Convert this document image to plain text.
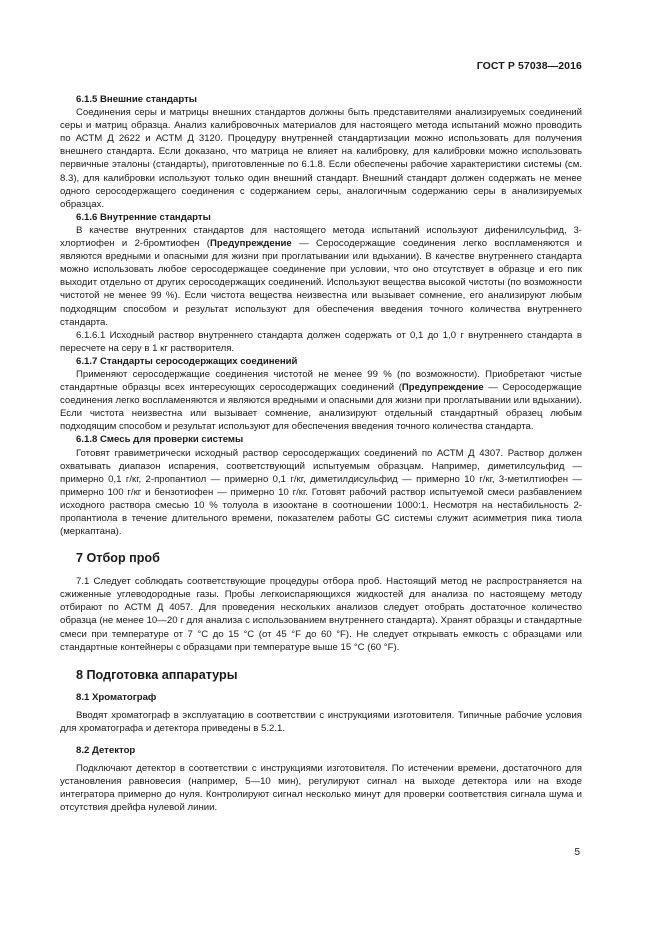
ГОСТ Р 57038—2016
6.1.5 Внешние стандарты

Соединения серы и матрицы внешних стандартов должны быть представителями анализируемых соединений серы и матриц образца. Анализ калибровочных материалов для настоящего метода испытаний можно проводить по АСТМ Д 2622 и АСТМ Д 3120. Процедуру внутренней стандартизации можно использовать для получения внешнего стандарта. Если доказано, что матрица не влияет на калибровку, для калибровки можно использовать первичные эталоны (стандарты), приготовленные по 6.1.8. Если обеспечены рабочие характеристики системы (см. 8.3), для калибровки используют только один внешний стандарт. Внешний стандарт должен содержать не менее одного серосодержащего соединения с содержанием серы, аналогичным содержанию серы в анализируемых образцах.

6.1.6 Внутренние стандарты

В качестве внутренних стандартов для настоящего метода испытаний используют дифенилсульфид, 3-хлортиофен и 2-бромтиофен (Предупреждение — Серосодержащие соединения легко воспламеняются и являются вредными и опасными для жизни при проглатывании или вдыхании). В качестве внутреннего стандарта можно использовать любое серосодержащее соединение при условии, что оно отсутствует в образце и его пик выходит отдельно от других серосодержащих соединений. Используют вещества высокой чистоты (по возможности чистотой не менее 99 %). Если чистота вещества неизвестна или вызывает сомнение, его анализируют любым подходящим способом и результат используют для обеспечения введения точного количества внутреннего стандарта.

6.1.6.1 Исходный раствор внутреннего стандарта должен содержать от 0,1 до 1,0 г внутреннего стандарта в пересчете на серу в 1 кг растворителя.

6.1.7 Стандарты серосодержащих соединений

Применяют серосодержащие соединения чистотой не менее 99 % (по возможности). Приобретают чистые стандартные образцы всех интересующих серосодержащих соединений (Предупреждение — Серосодержащие соединения легко воспламеняются и являются вредными и опасными для жизни при проглатывании или вдыхании). Если чистота неизвестна или вызывает сомнение, анализируют отдельный стандартный образец любым подходящим способом и результат используют для обеспечения введения точного количества стандарта.

6.1.8 Смесь для проверки системы

Готовят гравиметрически исходный раствор серосодержащих соединений по АСТМ Д 4307. Раствор должен охватывать диапазон испарения, соответствующий испытуемым образцам. Например, диметилсульфид — примерно 0,1 г/кг, 2-пропантиол — примерно 0,1 г/кг, диметилдисульфид — примерно 10 г/кг, 3-метилтиофен — примерно 100 г/кг и бензотиофен — примерно 10 г/кг. Готовят рабочий раствор испытуемой смеси разбавлением исходного раствора смесью 10 % толуола в изооктане в соотношении 1000:1. Несмотря на нестабильность 2-пропантиола в течение длительного времени, показателем работы GC системы служит асимметрия пика тиола (меркаптана).

7 Отбор проб

7.1 Следует соблюдать соответствующие процедуры отбора проб. Настоящий метод не распространяется на сжиженные углеводородные газы. Пробы легкоиспаряющихся жидкостей для анализа по настоящему методу отбирают по АСТМ Д 4057. Для проведения нескольких анализов следует отобрать достаточное количество образца (не менее 10—20 г для анализа с использованием внутреннего стандарта). Хранят образцы и стандартные смеси при температуре от 7 °C до 15 °C (от 45 °F до 60 °F). Не следует открывать емкость с образцами или стандартные контейнеры с образцами при температуре выше 15 °C (60 °F).

8 Подготовка аппаратуры
8.1 Хроматограф

Вводят хроматограф в эксплуатацию в соответствии с инструкциями изготовителя. Типичные рабочие условия для хроматографа и детектора приведены в 5.2.1.

8.2 Детектор

Подключают детектор в соответствии с инструкциями изготовителя. По истечении времени, достаточного для установления равновесия (например, 5—10 мин), регулируют сигнал на выходе детектора или на входе интегратора примерно до нуля. Контролируют сигнал несколько минут для проверки соответствия сигнала шума и отсутствия дрейфа нулевой линии.

5
